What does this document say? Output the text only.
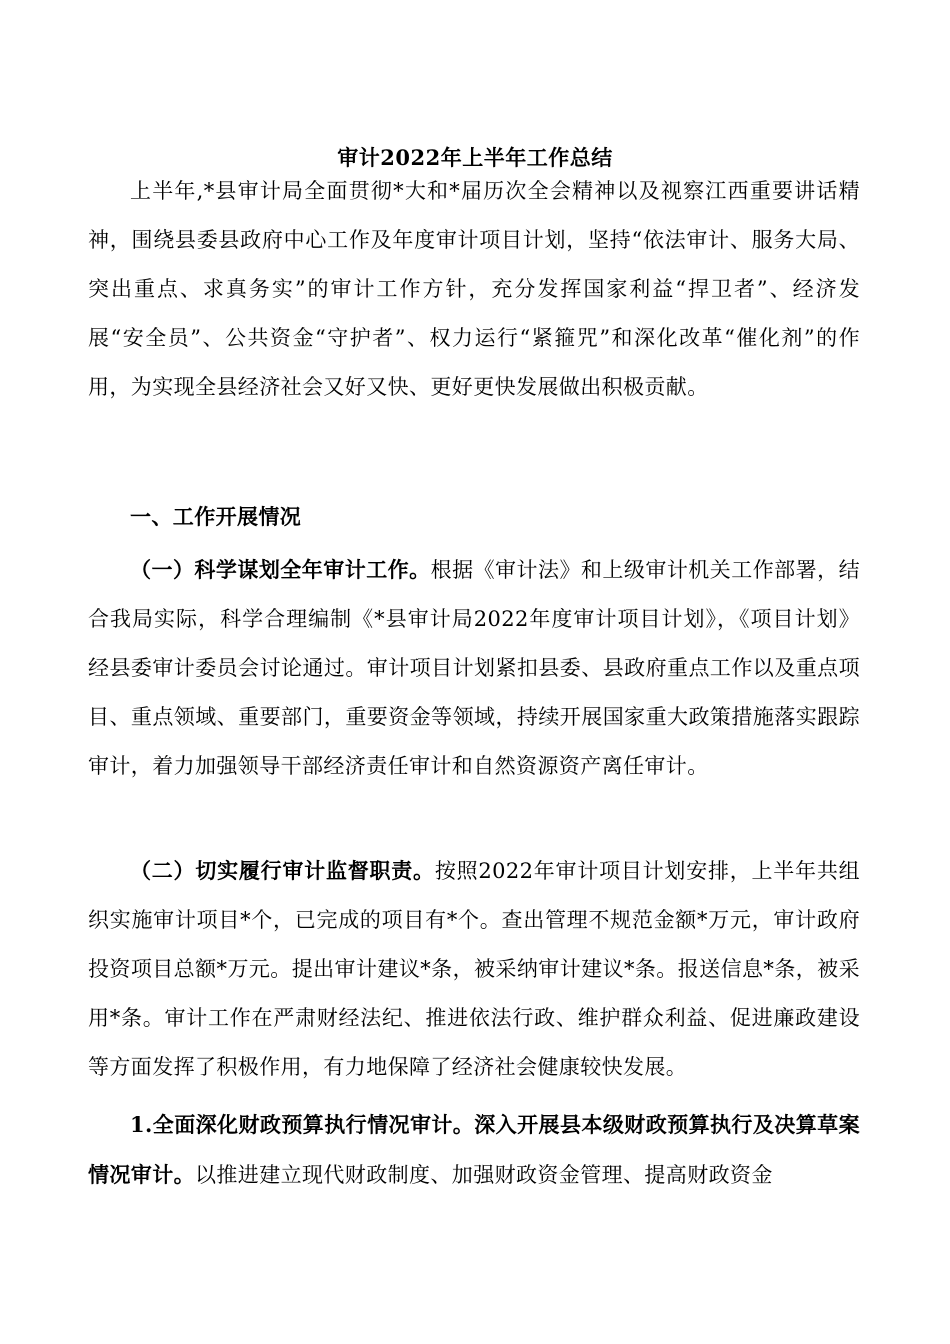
审计2022年上半年工作总结

上半年,*县审计局全面贯彻*大和*届历次全会精神以及视察江西重要讲话精神，围绕县委县政府中心工作及年度审计项目计划，坚持“依法审计、服务大局、突出重点、求真务实”的审计工作方针，充分发挥国家利益“捍卫者”、经济发展“安全员”、公共资金“守护者”、权力运行“紧箍咒”和深化改革“催化剂”的作用，为实现全县经济社会又好又快、更好更快发展做出积极贡献。

一、工作开展情况

（一）科学谋划全年审计工作。根据《审计法》和上级审计机关工作部署，结合我局实际，科学合理编制《*县审计局2022年度审计项目计划》，《项目计划》经县委审计委员会讨论通过。审计项目计划紧扣县委、县政府重点工作以及重点项目、重点领域、重要部门，重要资金等领域，持续开展国家重大政策措施落实跟踪审计，着力加强领导干部经济责任审计和自然资源资产离任审计。

（二）切实履行审计监督职责。按照2022年审计项目计划安排，上半年共组织实施审计项目*个，已完成的项目有*个。查出管理不规范金额*万元，审计政府投资项目总额*万元。提出审计建议*条，被采纳审计建议*条。报送信息*条，被采用*条。审计工作在严肃财经法纪、推进依法行政、维护群众利益、促进廉政建设等方面发挥了积极作用，有力地保障了经济社会健康较快发展。

1.全面深化财政预算执行情况审计。深入开展县本级财政预算执行及决算草案情况审计。以推进建立现代财政制度、加强财政资金管理、提高财政资金
